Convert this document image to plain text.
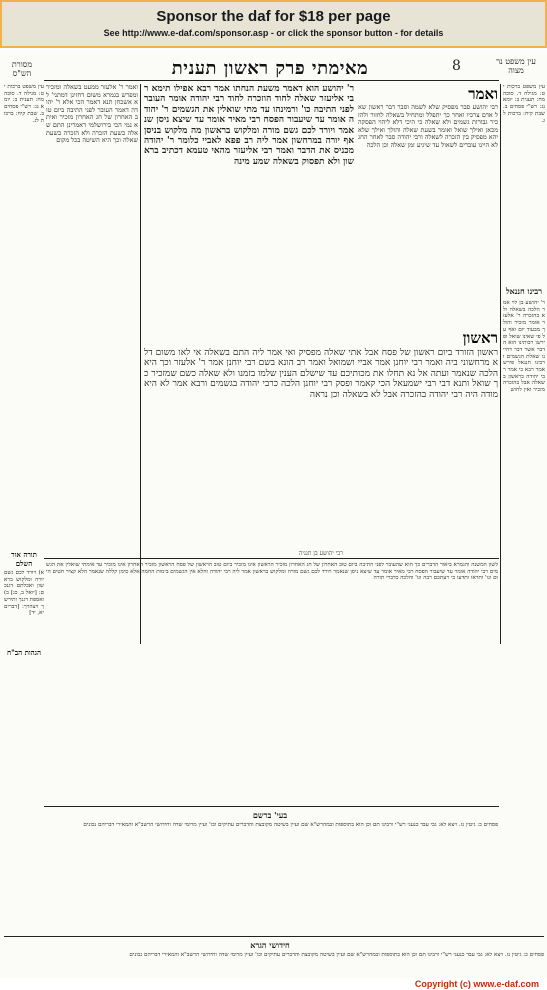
Sponsor the daf for $18 per page
See http://www.e-daf.com/sponsor.asp - or click the sponsor button - for details
מסורת הש"ס	מאימתי פרק ראשון תענית	8	עין משפט נר מצוה
עין משפט ברכות יט: מגילה ד. סוכה מח: תענית ב: יומא נג: רש"י פסחים ב. שבת קיח: ברכות לג.
ואמר ר' אלעזר ממעט בשאלה ומזכיר ומפרש בגמרא משום דחזינן דמתני' לא אשכחן תנא דאמר הכי אלא ר' יהודה דאמר העובר לפני התיבה ביום טוב האחרון של חג האחרון מזכיר ואיתא נמי הכי בירושלמי דאמרינן התם שאלה בשעת הזכרה ולא הזכרה בשעת שאלה וכך היא השיטה בכל מקום
ר' יהושע הוא דאמר משעת הנחתו אמר רבא אפילו תימא רבי אליעזר שאלה לחוד הוזכרה לחוד רבי יהודה אומר העובר לפני התיבה כו' ורמינהו עד מתי שואלין את הגשמים ר' יהודה אומר עד שיעבור הפסח רבי מאיר אומר עד שיצא ניסן שנאמר ויורד לכם גשם מורה ומלקוש בראשון מה מלקוש בניסן אף יורה במרחשון אמר ליה רב פפא לאביי כלומר ר' יהודה מכניס את הדבר ואמר רבי אליעזר מהאי טעמא דכתיב בראשון ולא תפסוק בשאלה שמע מינה
ראשון
ראשון הזורד ביום ראשון של פסח אבל אתי שאלה מפסיק ואי אמר ליה התם בשאלה אי לאו משום דלא מרחשוני ביה ואמר רבי יוחנן אמר אביי ושמואל ואמר רב הונא בשם רבי יוחנן אמר ר' אלעזר וכך היא הלכה שנאמר ועתה אל נא תחלו את מכותיכם עד שישלם הענין שלמו בזמנו ולא שאלה כשם שמזכיר כך שואל ותנא דבי רבי ישמעאל הכי קאמר ופסק רבי יוחנן הלכה כרבי יהודה בגשמים ורבא אמר לא היא מודה היה רבי יהודה בהזכרה אבל לא בשאלה וכן נראה
ואמר
רבי יהושע סבר מפסיק שלא לשמה וסבר דבר ראשון שאל אדם צרכיו ואחר כך יתפלל ומתחיל בשאלה לחזור ולהזכיר גבורות גשמים ולא שאלה כי היכי דלא ליהוי הפסקה מכאן ואילך שואל ואומר בשעת שאלה והולך ואילך שלא יהא מפסיק בין הזכרה לשאלה ורבי יהודה סבר לאחר החג לא היינו עוברים לשאול עד שיגיע זמן שאלה וכן הלכה
רבינו חננאל
ר' יהושע בן לוי אמר הלכה בשאלה ולא בהזכרה ר' אלעזר אומר מזכיר והולך מבעוד יום ואף על פי שאינו שואל ופירשו רבותינו הוא הדבר אשר דבר דהיינו שאלת הגשמים ורבינו חננאל פירש אמר רבא כי אמר רבי יהודה בראשון בשאלה אבל בהזכרה מזכיר ואין לחוש
עין משפט ברכות יט: מגילה ד. סוכה מח: תענית ב: יומא נג: רש"י פסחים ב. שבת קיח: ברכות לג.
תורה אור השלם
א) ויורד לכם גשם יורה ומלקוש בראשון ואכלתם דגנכם: [יואל ב, כג] ב) ואספת דגנך ותירשך ויצהרך: [דברים יא, יד]
לשון המשנה והגמרא ביאור הדברים כך הוא שהעובר לפני התיבה ביום טוב האחרון של חג האחרון מזכיר הראשון אינו מזכיר ביום טוב הראשון של פסח הראשון מזכיר האחרון אינו מזכיר עד אימתי שואלין את הגשמים רבי יהודה אומר עד שיעבור הפסח רבי מאיר אומר עד שיצא ניסן שנאמר ויורד לכם גשם מורה ומלקוש בראשון אמר ליה רבי יהודה והלא אין הגשמים בימות החמה אלא סימן קללה שנאמר הלא קציר חטים היום וגו' ותראו ותדעו כי רעתכם רבה וגו' והלכה כדברי תורה
בעי' ברשם
פסחים כ: גיטין נז. ויצא לא: גבי עבד כנעני רש"י ורבינו תם וכן הוא בתוספות ובמהרש"א שם ועיין בשיטה מקובצת והדברים עתיקים וכו' ועיין מרומי שדה וחידושי הרשב"א והמאירי דבריהם נכונים
חידושי הגרא
פסחים כ: גיטין נז. ויצא לא: גבי עבד כנעני רש"י ורבינו תם וכן הוא בתוספות ובמהרש"א שם ועיין בשיטה מקובצת והדברים עתיקים וכו' ועיין מרומי שדה וחידושי הרשב"א והמאירי דבריהם נכונים
הגהות הב"ח
רבי יהושע בן חנניה
Copyright (c) www.e-daf.com
